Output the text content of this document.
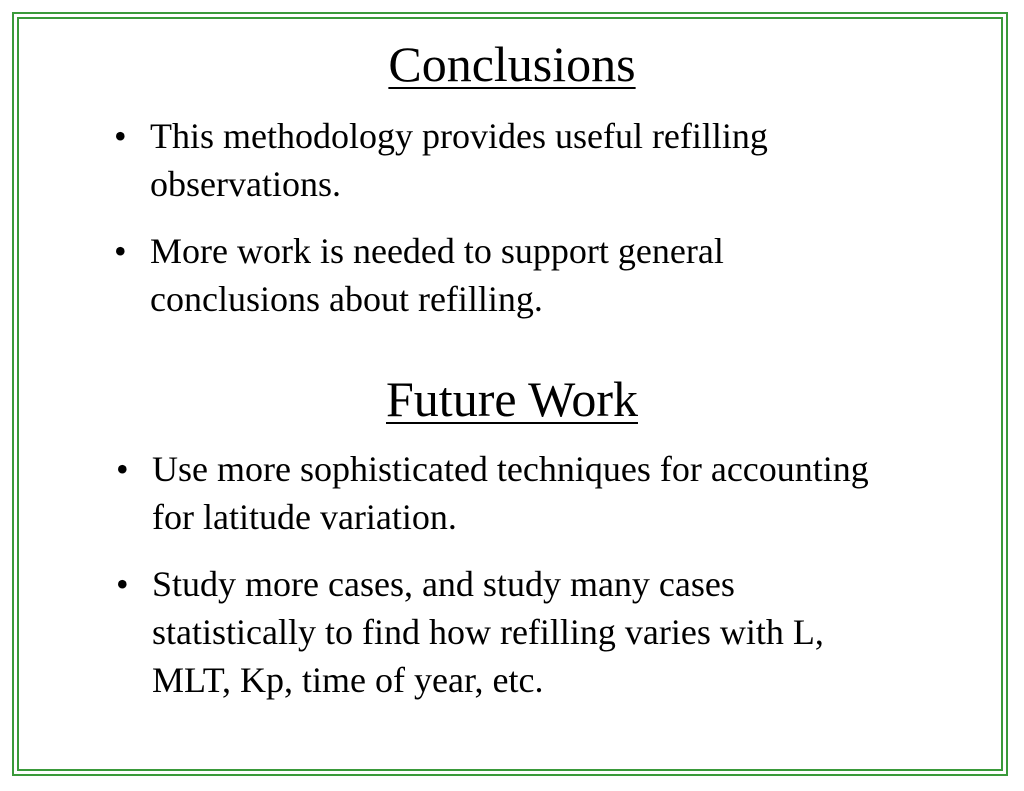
Conclusions
• This methodology provides useful refilling observations.
• More work is needed to support general conclusions about refilling.
Future Work
• Use more sophisticated techniques for accounting for latitude variation.
• Study more cases, and study many cases statistically to find how refilling varies with L, MLT, Kp, time of year, etc.
